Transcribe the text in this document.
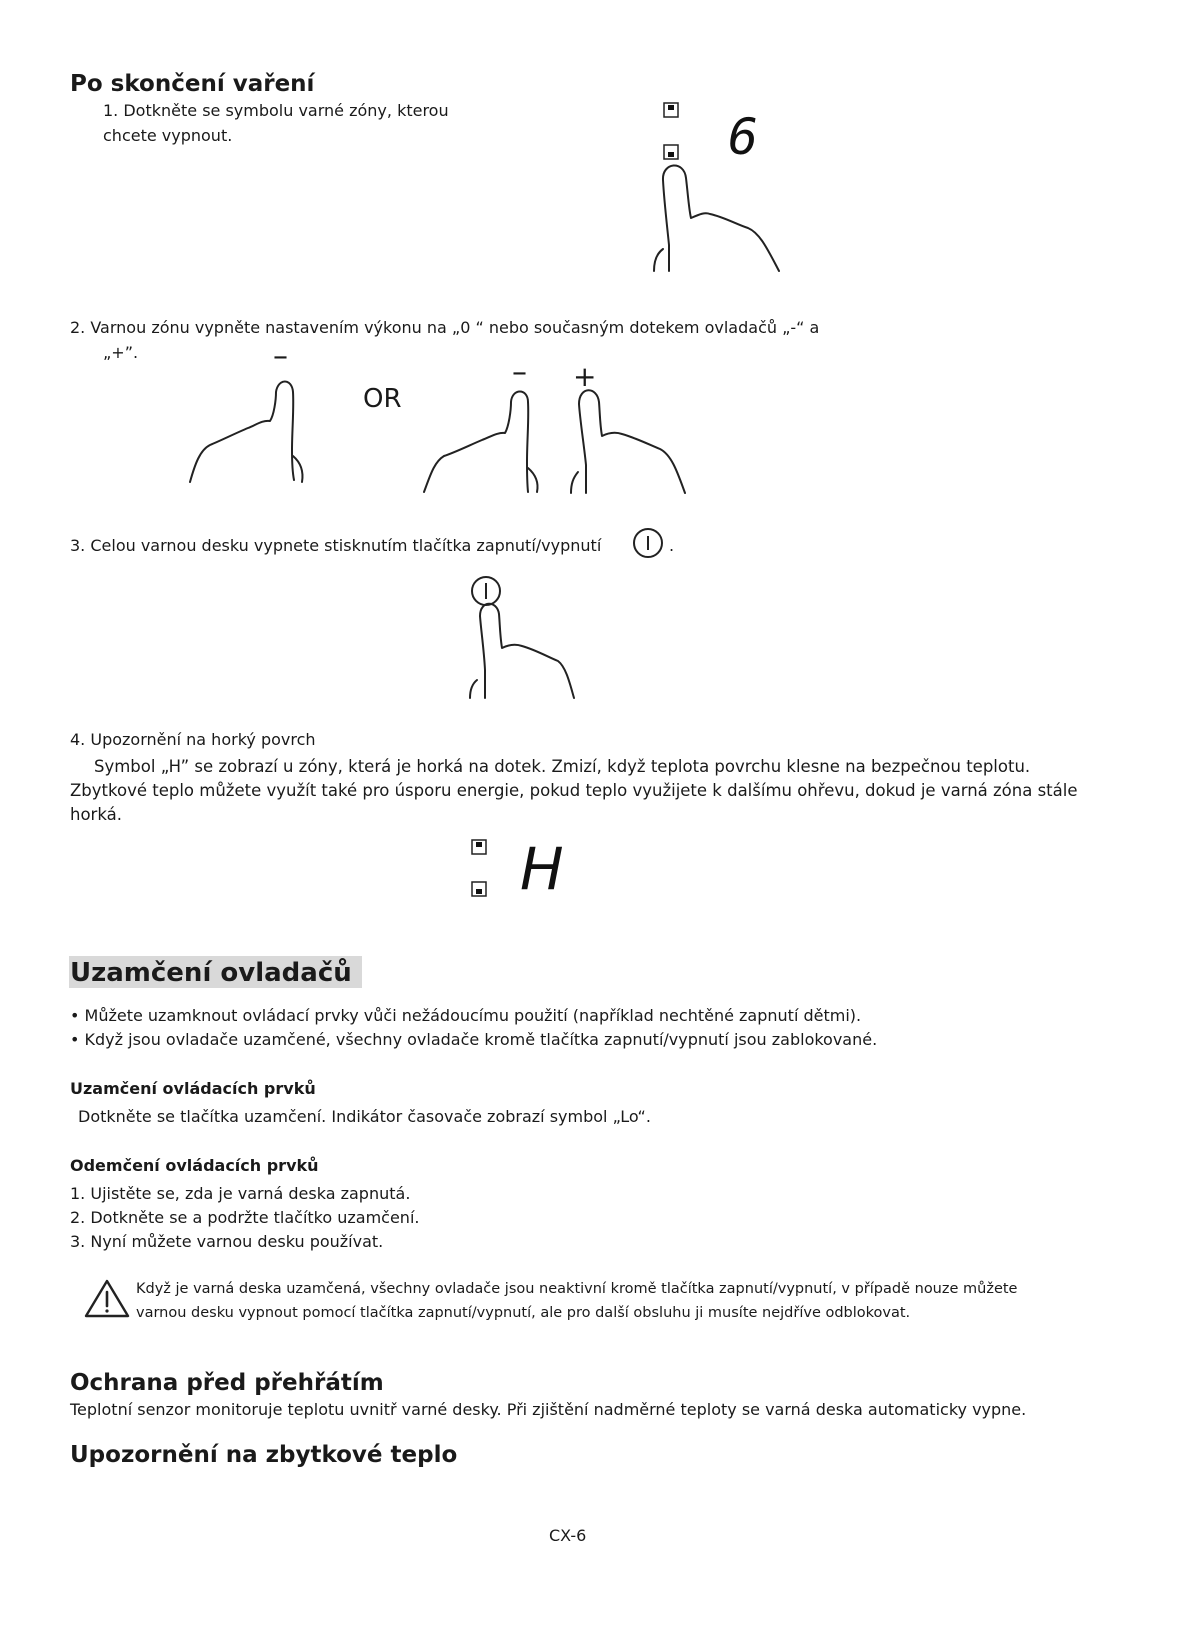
Po skončení vaření
1. Dotkněte se symbolu varné zóny, kterou
chcete vypnout.	6
2. Varnou zónu vypněte nastavením výkonu na „0 “ nebo současným dotekem ovladačů „-“ a
„+”.	–
OR
– +
3. Celou varnou desku vypnete stisknutím tlačítka zapnutí/vypnutí	.
4. Upozornění na horký povrch
Symbol „H” se zobrazí u zóny, která je horká na dotek. Zmizí, když teplota povrchu klesne na bezpečnou teplotu.
Zbytkové teplo můžete využít také pro úsporu energie, pokud teplo využijete k dalšímu ohřevu, dokud je varná zóna stále
horká.
H
Uzamčení ovladačů
• Můžete uzamknout ovládací prvky vůči nežádoucímu použití (například nechtěné zapnutí dětmi).
• Když jsou ovladače uzamčené, všechny ovladače kromě tlačítka zapnutí/vypnutí jsou zablokované.
Uzamčení ovládacích prvků
Dotkněte se tlačítka uzamčení. Indikátor časovače zobrazí symbol „Lo“.
Odemčení ovládacích prvků
1. Ujistěte se, zda je varná deska zapnutá.
2. Dotkněte se a podržte tlačítko uzamčení.
3. Nyní můžete varnou desku používat.
Když je varná deska uzamčená, všechny ovladače jsou neaktivní kromě tlačítka zapnutí/vypnutí, v případě nouze můžete
varnou desku vypnout pomocí tlačítka zapnutí/vypnutí, ale pro další obsluhu ji musíte nejdříve odblokovat.
Ochrana před přehřátím
Teplotní senzor monitoruje teplotu uvnitř varné desky. Při zjištění nadměrné teploty se varná deska automaticky vypne.
Upozornění na zbytkové teplo
CX-6
